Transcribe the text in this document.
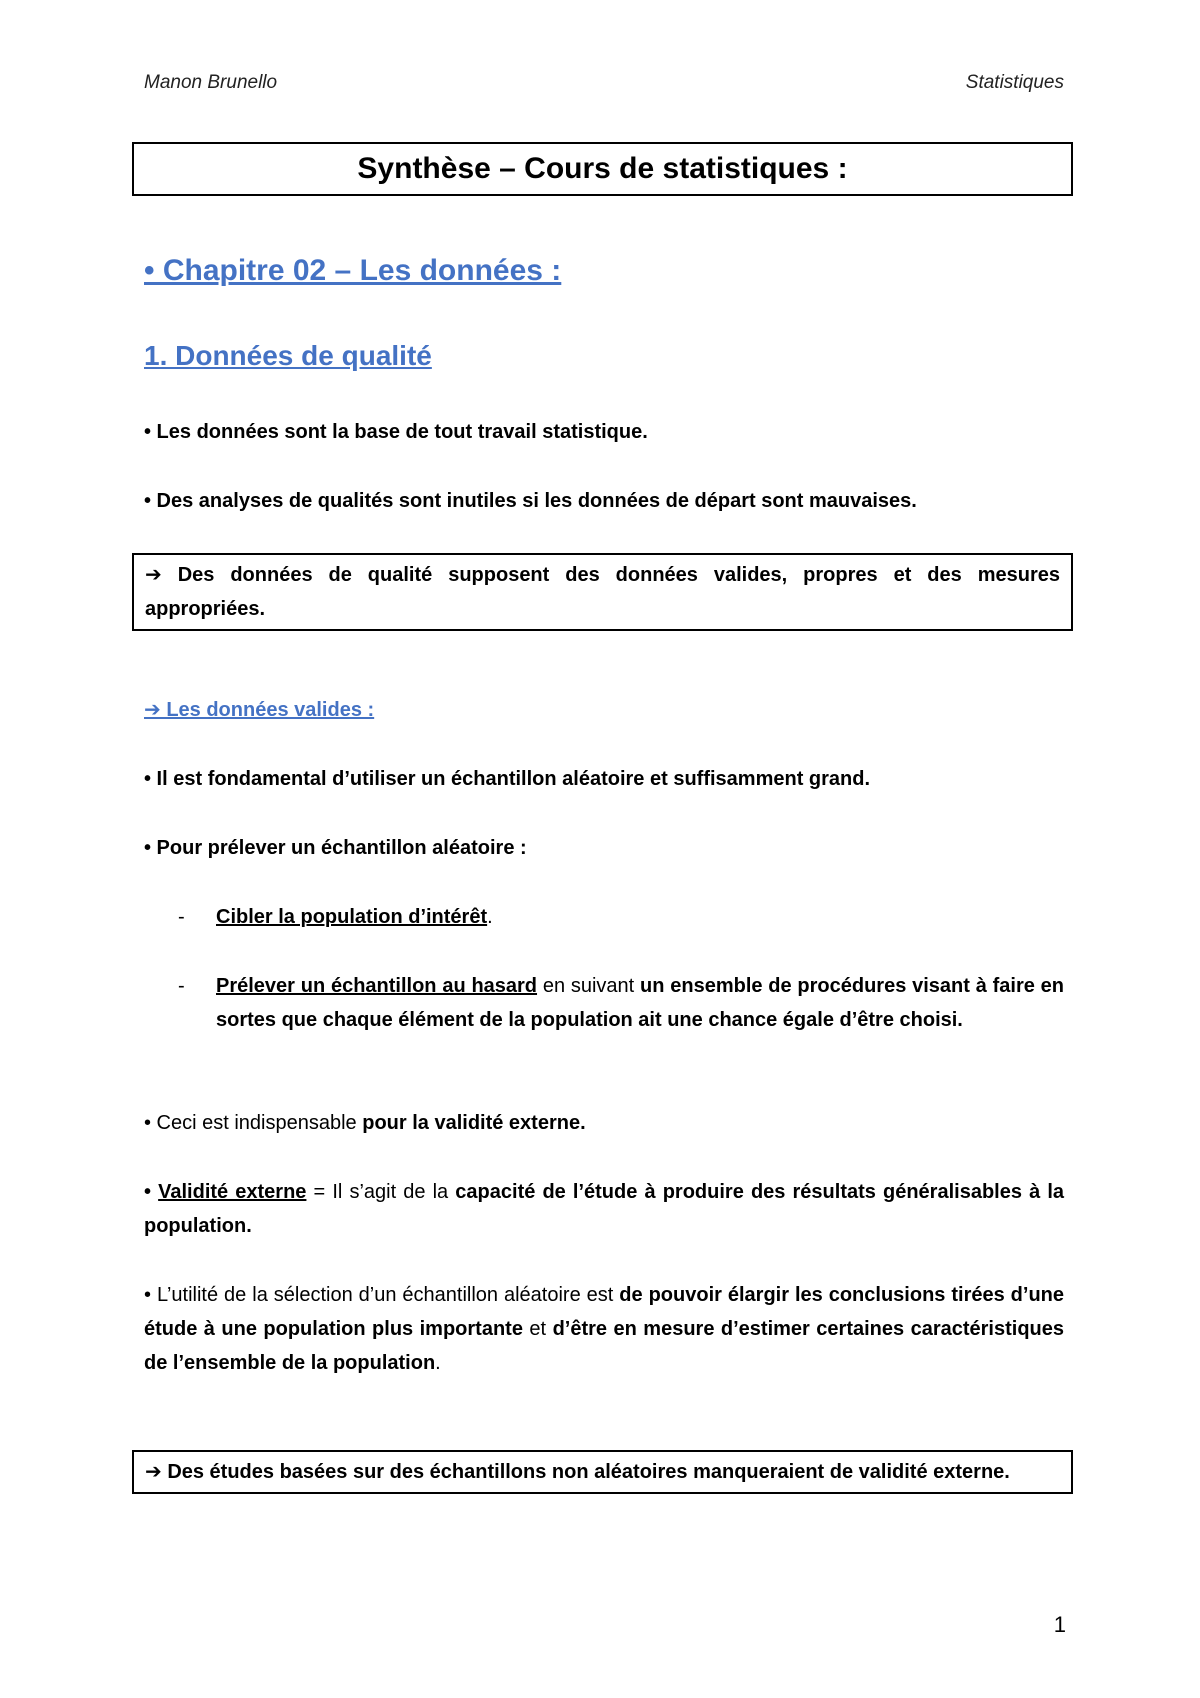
Manon Brunello	Statistiques
Synthèse – Cours de statistiques :
• Chapitre 02 – Les données :
1. Données de qualité
• Les données sont la base de tout travail statistique.
• Des analyses de qualités sont inutiles si les données de départ sont mauvaises.
➔ Des données de qualité supposent des données valides, propres et des mesures appropriées.
➔ Les données valides :
• Il est fondamental d’utiliser un échantillon aléatoire et suffisamment grand.
• Pour prélever un échantillon aléatoire :
- Cibler la population d’intérêt.
- Prélever un échantillon au hasard en suivant un ensemble de procédures visant à faire en sortes que chaque élément de la population ait une chance égale d’être choisi.
• Ceci est indispensable pour la validité externe.
• Validité externe = Il s’agit de la capacité de l’étude à produire des résultats généralisables à la population.
• L’utilité de la sélection d’un échantillon aléatoire est de pouvoir élargir les conclusions tirées d’une étude à une population plus importante et d’être en mesure d’estimer certaines caractéristiques de l’ensemble de la population.
➔ Des études basées sur des échantillons non aléatoires manqueraient de validité externe.
1
